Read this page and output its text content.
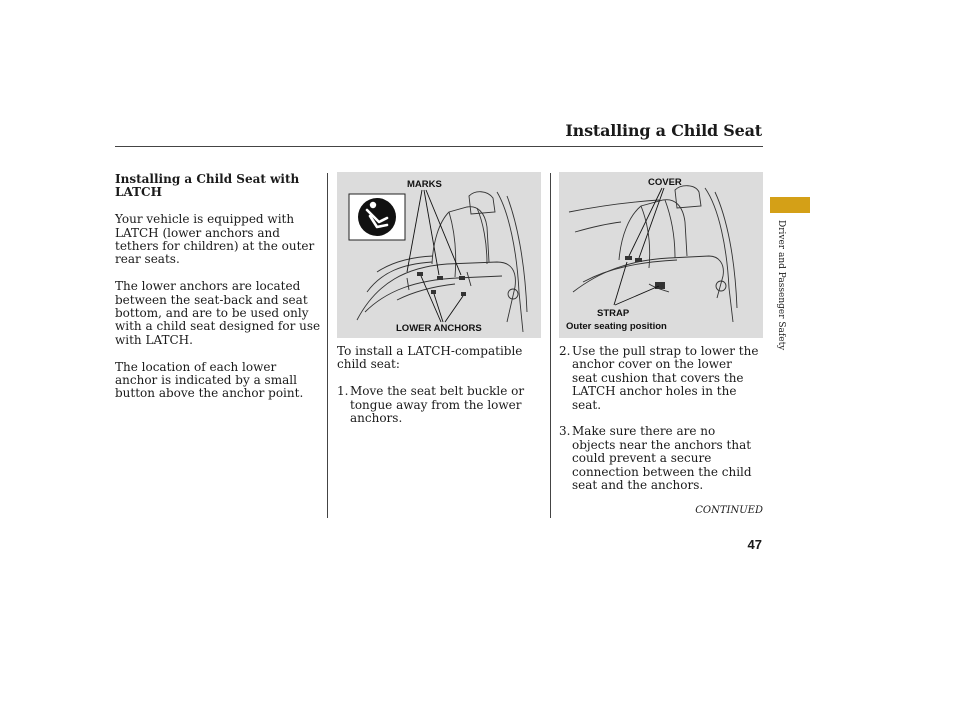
Installing a Child Seat

Installing a Child Seat with LATCH

Your vehicle is equipped with LATCH (lower anchors and tethers for children) at the outer rear seats.

The lower anchors are located between the seat-back and seat bottom, and are to be used only with a child seat designed for use with LATCH.

The location of each lower anchor is indicated by a small button above the anchor point.

MARKS
LOWER ANCHORS
COVER
STRAP
Outer seating position

To install a LATCH-compatible child seat:

1. Move the seat belt buckle or tongue away from the lower anchors.
2. Use the pull strap to lower the anchor cover on the lower seat cushion that covers the LATCH anchor holes in the seat.
3. Make sure there are no objects near the anchors that could prevent a secure connection between the child seat and the anchors.
Driver and Passenger Safety
CONTINUED
47
